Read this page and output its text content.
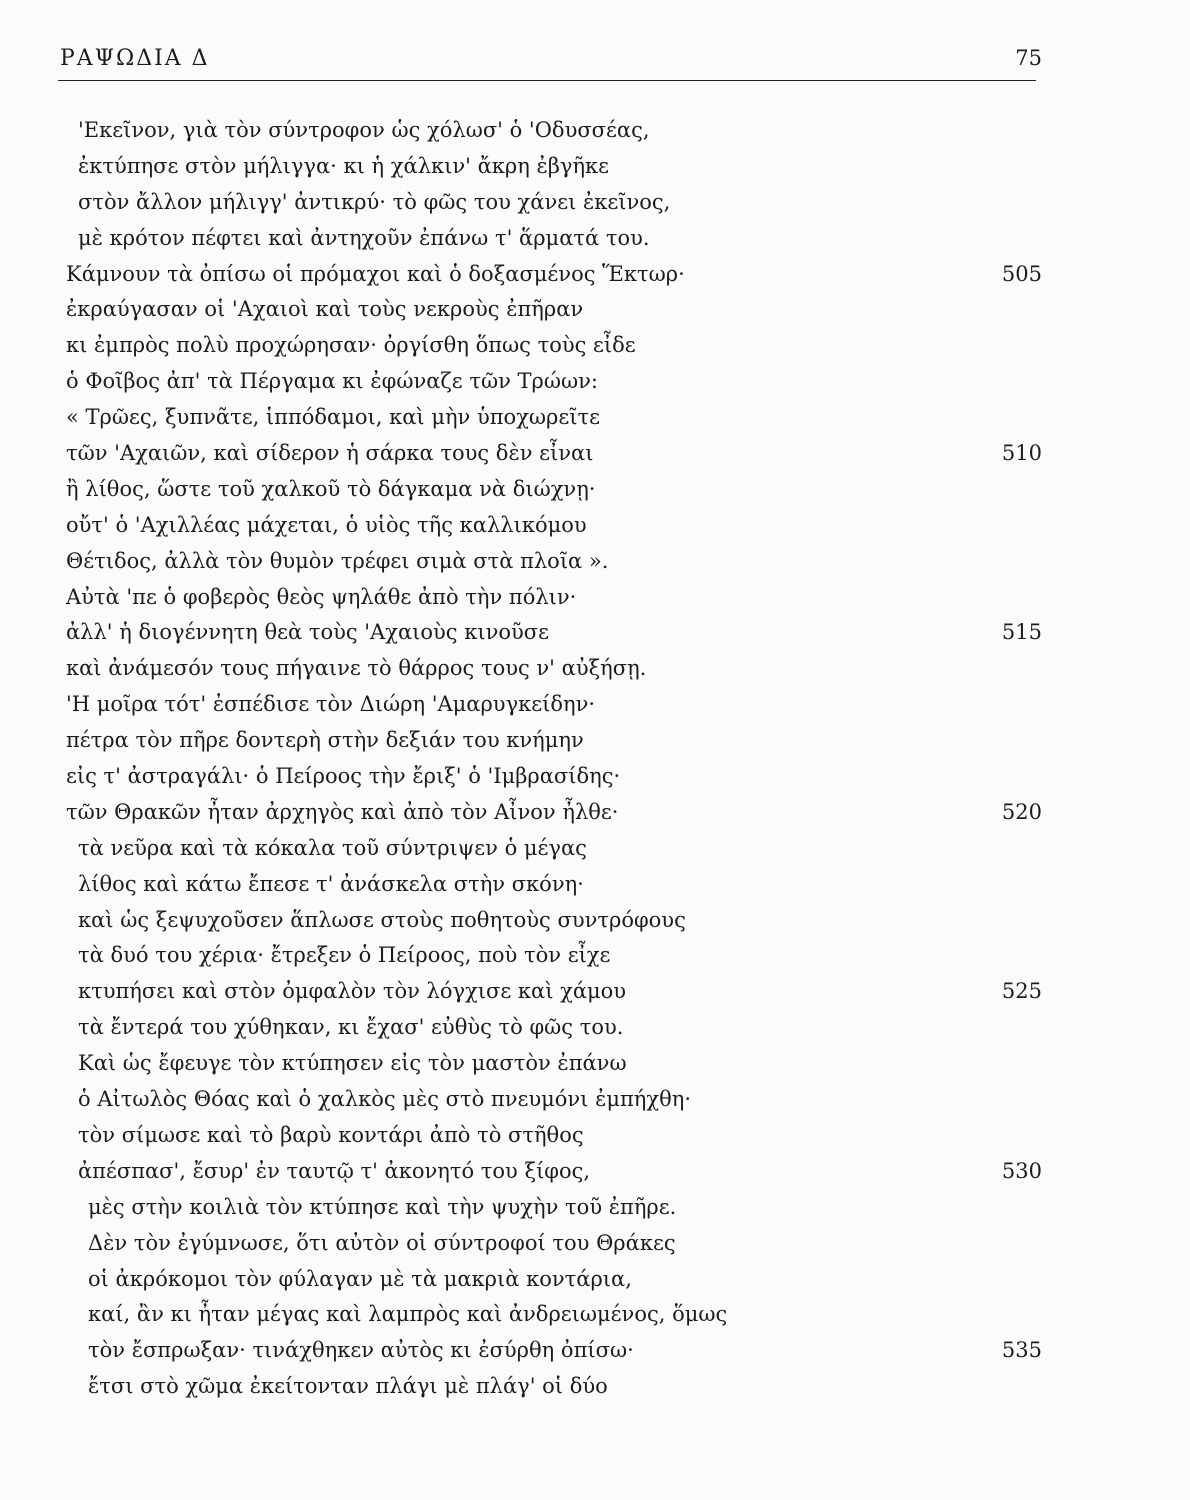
ΡΑΨΩΔΙΑ Δ	75
'Εκεῖνον, γιὰ τὸν σύντροφον ὡς χόλωσ' ὁ 'Οδυσσέας,
ἐκτύπησε στὸν μήλιγγα· κι ἡ χάλκιν' ἄκρη ἐβγῆκε
στὸν ἄλλον μήλιγγ' ἀντικρύ· τὸ φῶς του χάνει ἐκεῖνος,
μὲ κρότον πέφτει καὶ ἀντηχοῦν ἐπάνω τ' ἅρματά του.
Κάμνουν τὰ ὀπίσω οἱ πρόμαχοι καὶ ὁ δοξασμένος Ἕκτωρ·	505
ἐκραύγασαν οἱ 'Αχαιοὶ καὶ τοὺς νεκροὺς ἐπῆραν
κι ἐμπρὸς πολὺ προχώρησαν· ὀργίσθη ὅπως τοὺς εἶδε
ὁ Φοῖβος ἀπ' τὰ Πέργαμα κι ἐφώναζε τῶν Τρώων:
« Τρῶες, ξυπνᾶτε, ἱππόδαμοι, καὶ μὴν ὑποχωρεῖτε
τῶν 'Αχαιῶν, καὶ σίδερον ἡ σάρκα τους δὲν εἶναι	510
ἢ λίθος, ὥστε τοῦ χαλκοῦ τὸ δάγκαμα νὰ διώχνῃ·
οὔτ' ὁ 'Αχιλλέας μάχεται, ὁ υἱὸς τῆς καλλικόμου
Θέτιδος, ἀλλὰ τὸν θυμὸν τρέφει σιμὰ στὰ πλοῖα ».
Αὐτὰ 'πε ὁ φοβερὸς θεὸς ψηλάθε ἀπὸ τὴν πόλιν·
ἀλλ' ἡ διογέννητη θεὰ τοὺς 'Αχαιοὺς κινοῦσε	515
καὶ ἀνάμεσόν τους πήγαινε τὸ θάρρος τους ν' αὐξήσῃ.
'Η μοῖρα τότ' ἐσπέδισε τὸν Διώρη 'Αμαρυγκείδην·
πέτρα τὸν πῆρε δοντερὴ στὴν δεξιάν του κνήμην
εἰς τ' ἀστραγάλι· ὁ Πείροος τὴν ἔριξ' ὁ 'Ιμβρασίδης·
τῶν Θρακῶν ἦταν ἀρχηγὸς καὶ ἀπὸ τὸν Αἶνον ἦλθε·	520
τὰ νεῦρα καὶ τὰ κόκαλα τοῦ σύντριψεν ὁ μέγας
λίθος καὶ κάτω ἔπεσε τ' ἀνάσκελα στὴν σκόνη·
καὶ ὡς ξεψυχοῦσεν ἅπλωσε στοὺς ποθητοὺς συντρόφους
τὰ δυό του χέρια· ἔτρεξεν ὁ Πείροος, ποὺ τὸν εἶχε
κτυπήσει καὶ στὸν ὀμφαλὸν τὸν λόγχισε καὶ χάμου	525
τὰ ἔντερά του χύθηκαν, κι ἔχασ' εὐθὺς τὸ φῶς του.
Καὶ ὡς ἔφευγε τὸν κτύπησεν εἰς τὸν μαστὸν ἐπάνω
ὁ Αἰτωλὸς Θόας καὶ ὁ χαλκὸς μὲς στὸ πνευμόνι ἐμπήχθη·
τὸν σίμωσε καὶ τὸ βαρὺ κοντάρι ἀπὸ τὸ στῆθος
ἀπέσπασ', ἔσυρ' ἐν ταυτῷ τ' ἀκονητό του ξίφος,	530
μὲς στὴν κοιλιὰ τὸν κτύπησε καὶ τὴν ψυχὴν τοῦ ἐπῆρε.
Δὲν τὸν ἐγύμνωσε, ὅτι αὐτὸν οἱ σύντροφοί του Θράκες
οἱ ἀκρόκομοι τὸν φύλαγαν μὲ τὰ μακριὰ κοντάρια,
καί, ἂν κι ἦταν μέγας καὶ λαμπρὸς καὶ ἀνδρειωμένος, ὅμως
τὸν ἔσπρωξαν· τινάχθηκεν αὐτὸς κι ἐσύρθη ὀπίσω·	535
ἔτσι στὸ χῶμα ἐκείτονταν πλάγι μὲ πλάγ' οἱ δύο
